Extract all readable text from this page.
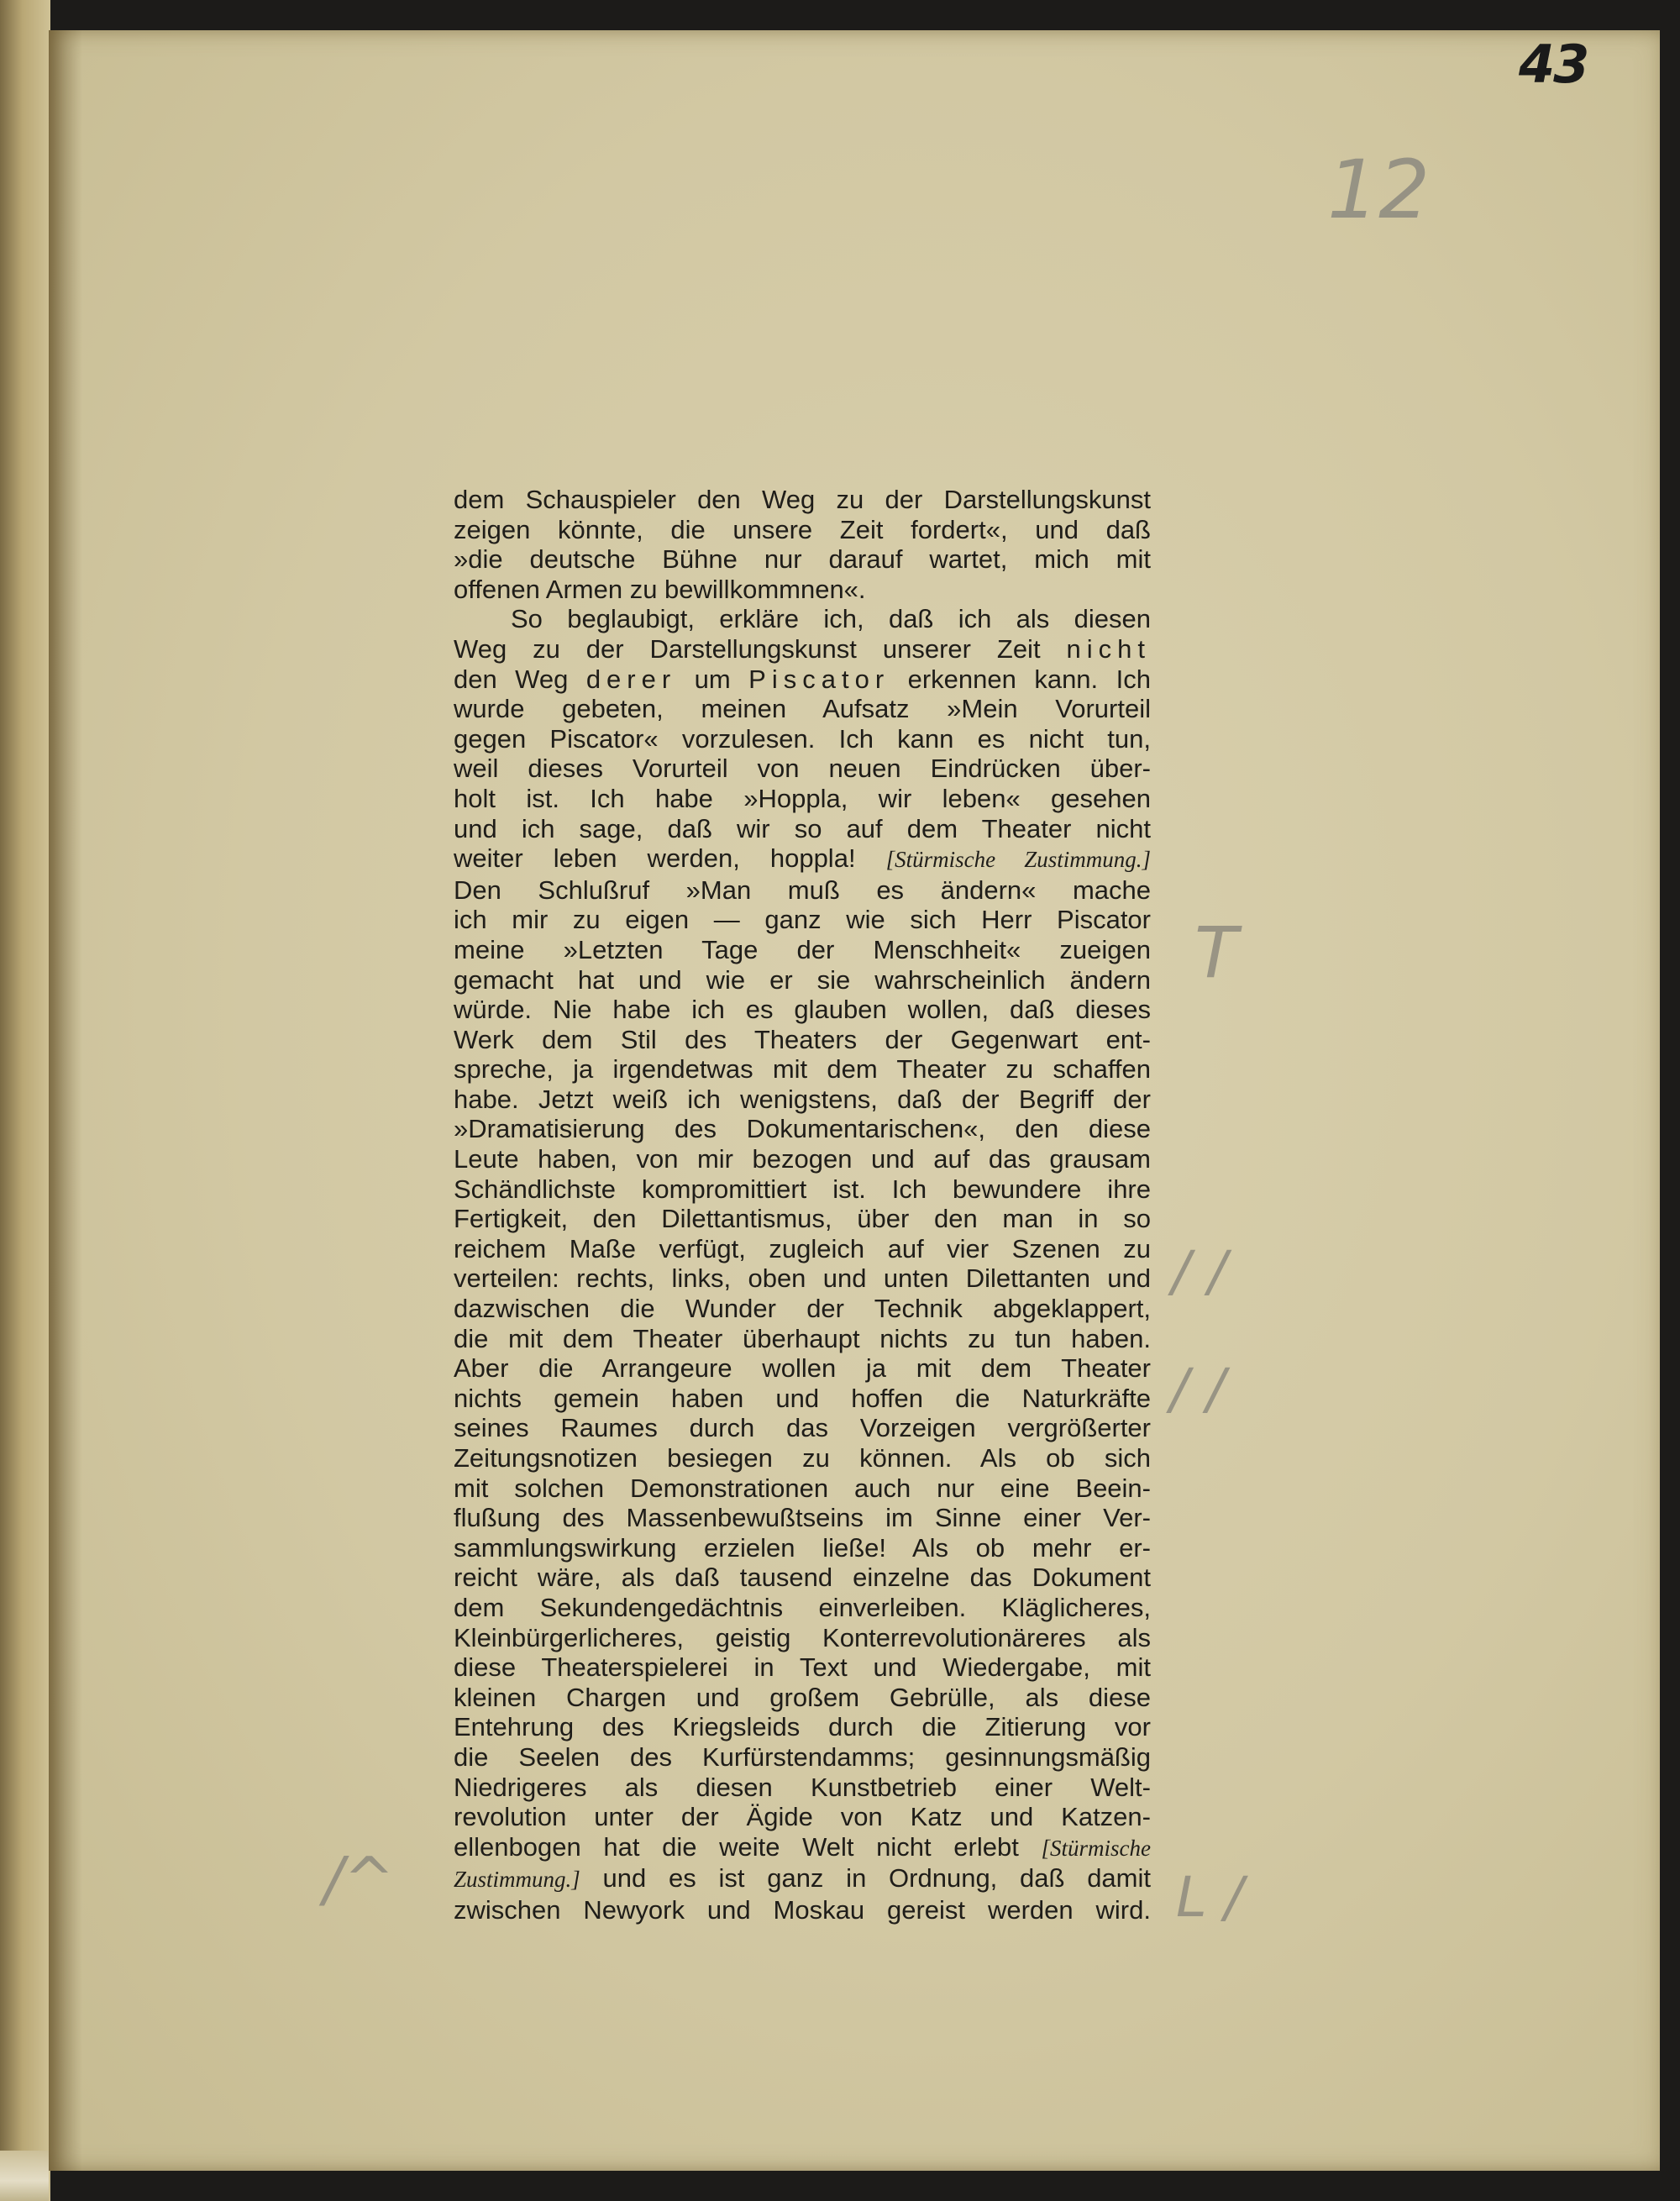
43
12
T
/ /
/ /
L /
/^
dem Schauspieler den Weg zu der Darstellungskunst
zeigen könnte, die unsere Zeit fordert«, und daß
»die deutsche Bühne nur darauf wartet, mich mit
offenen Armen zu bewillkommnen«.
So beglaubigt, erkläre ich, daß ich als diesen
Weg zu der Darstellungskunst unserer Zeit nicht
den Weg derer um Piscator erkennen kann. Ich
wurde gebeten, meinen Aufsatz »Mein Vorurteil
gegen Piscator« vorzulesen. Ich kann es nicht tun,
weil dieses Vorurteil von neuen Eindrücken über-
holt ist. Ich habe »Hoppla, wir leben« gesehen
und ich sage, daß wir so auf dem Theater nicht
weiter leben werden, hoppla! [Stürmische Zustimmung.]
Den Schlußruf »Man muß es ändern« mache
ich mir zu eigen — ganz wie sich Herr Piscator
meine »Letzten Tage der Menschheit« zueigen
gemacht hat und wie er sie wahrscheinlich ändern
würde. Nie habe ich es glauben wollen, daß dieses
Werk dem Stil des Theaters der Gegenwart ent-
spreche, ja irgendetwas mit dem Theater zu schaffen
habe. Jetzt weiß ich wenigstens, daß der Begriff der
»Dramatisierung des Dokumentarischen«, den diese
Leute haben, von mir bezogen und auf das grausam
Schändlichste kompromittiert ist. Ich bewundere ihre
Fertigkeit, den Dilettantismus, über den man in so
reichem Maße verfügt, zugleich auf vier Szenen zu
verteilen: rechts, links, oben und unten Dilettanten und
dazwischen die Wunder der Technik abgeklappert,
die mit dem Theater überhaupt nichts zu tun haben.
Aber die Arrangeure wollen ja mit dem Theater
nichts gemein haben und hoffen die Naturkräfte
seines Raumes durch das Vorzeigen vergrößerter
Zeitungsnotizen besiegen zu können. Als ob sich
mit solchen Demonstrationen auch nur eine Beein-
flußung des Massenbewußtseins im Sinne einer Ver-
sammlungswirkung erzielen ließe! Als ob mehr er-
reicht wäre, als daß tausend einzelne das Dokument
dem Sekundengedächtnis einverleiben. Kläglicheres,
Kleinbürgerlicheres, geistig Konterrevolutionäreres als
diese Theaterspielerei in Text und Wiedergabe, mit
kleinen Chargen und großem Gebrülle, als diese
Entehrung des Kriegsleids durch die Zitierung vor
die Seelen des Kurfürstendamms; gesinnungsmäßig
Niedrigeres als diesen Kunstbetrieb einer Welt-
revolution unter der Ägide von Katz und Katzen-
ellenbogen hat die weite Welt nicht erlebt [Stürmische
Zustimmung.] und es ist ganz in Ordnung, daß damit
zwischen Newyork und Moskau gereist werden wird.
